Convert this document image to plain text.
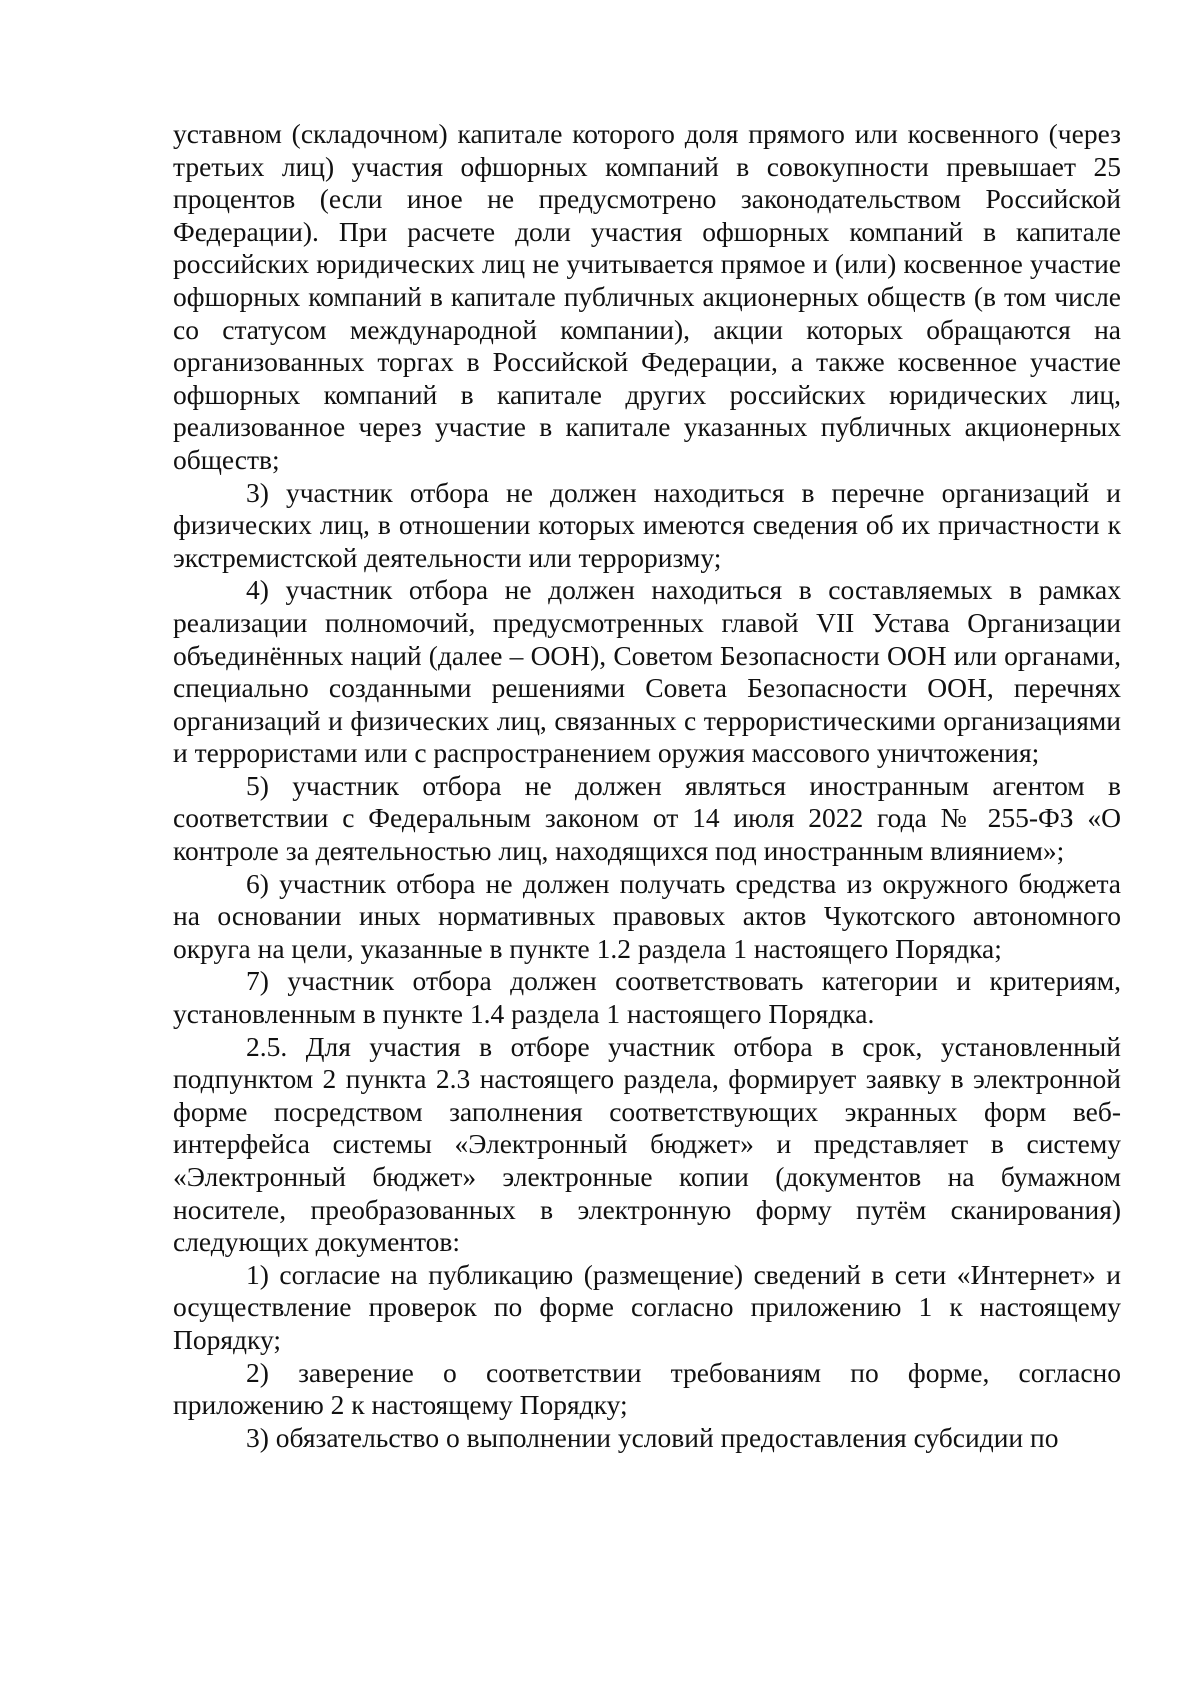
уставном (складочном) капитале которого доля прямого или косвенного (через третьих лиц) участия офшорных компаний в совокупности превышает 25 процентов (если иное не предусмотрено законодательством Российской Федерации). При расчете доли участия офшорных компаний в капитале российских юридических лиц не учитывается прямое и (или) косвенное участие офшорных компаний в капитале публичных акционерных обществ (в том числе со статусом международной компании), акции которых обращаются на организованных торгах в Российской Федерации, а также косвенное участие офшорных компаний в капитале других российских юридических лиц, реализованное через участие в капитале указанных публичных акционерных обществ;

3) участник отбора не должен находиться в перечне организаций и физических лиц, в отношении которых имеются сведения об их причастности к экстремистской деятельности или терроризму;

4) участник отбора не должен находиться в составляемых в рамках реализации полномочий, предусмотренных главой VII Устава Организации объединённых наций (далее – ООН), Советом Безопасности ООН или органами, специально созданными решениями Совета Безопасности ООН, перечнях организаций и физических лиц, связанных с террористическими организациями и террористами или с распространением оружия массового уничтожения;

5) участник отбора не должен являться иностранным агентом в соответствии с Федеральным законом от 14 июля 2022 года № 255-ФЗ «О контроле за деятельностью лиц, находящихся под иностранным влиянием»;

6) участник отбора не должен получать средства из окружного бюджета на основании иных нормативных правовых актов Чукотского автономного округа на цели, указанные в пункте 1.2 раздела 1 настоящего Порядка;

7) участник отбора должен соответствовать категории и критериям, установленным в пункте 1.4 раздела 1 настоящего Порядка.

2.5. Для участия в отборе участник отбора в срок, установленный подпунктом 2 пункта 2.3 настоящего раздела, формирует заявку в электронной форме посредством заполнения соответствующих экранных форм веб-интерфейса системы «Электронный бюджет» и представляет в систему «Электронный бюджет» электронные копии (документов на бумажном носителе, преобразованных в электронную форму путём сканирования) следующих документов:

1) согласие на публикацию (размещение) сведений в сети «Интернет» и осуществление проверок по форме согласно приложению 1 к настоящему Порядку;

2) заверение о соответствии требованиям по форме, согласно приложению 2 к настоящему Порядку;

3) обязательство о выполнении условий предоставления субсидии по
